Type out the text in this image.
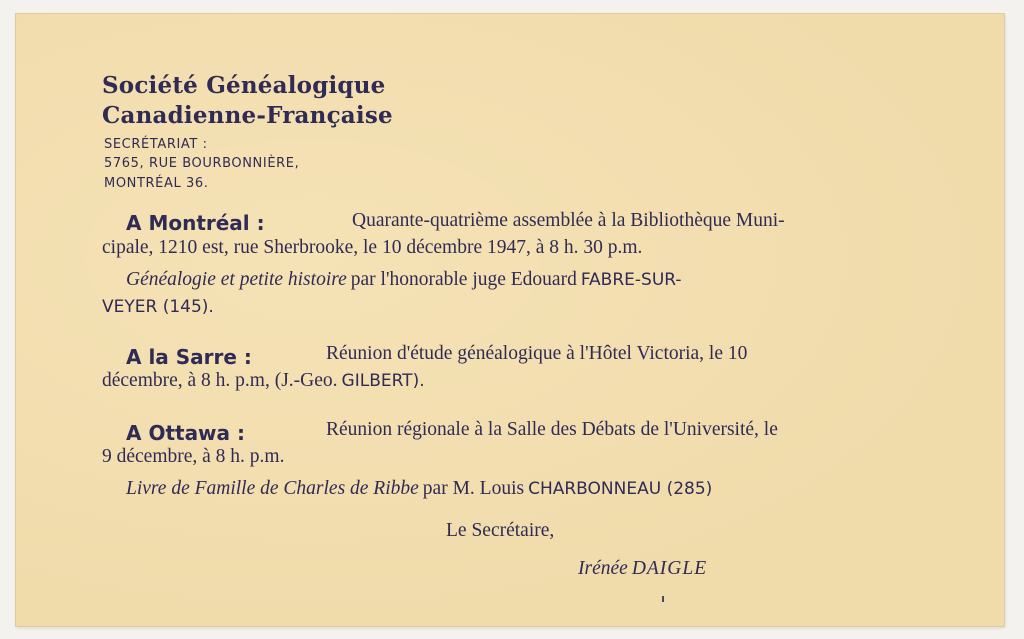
Société Généalogique
Canadienne-Française
SECRÉTARIAT :
5765, RUE BOURBONNIÈRE,
MONTRÉAL 36.
A Montréal :	Quarante-quatrième assemblée à la Bibliothèque Muni-
cipale, 1210 est, rue Sherbrooke, le 10 décembre 1947, à 8 h. 30 p.m.
Généalogie et petite histoire par l'honorable juge Edouard FABRE-SUR-
VEYER (145).
A la Sarre :	Réunion d'étude généalogique à l'Hôtel Victoria, le 10
décembre, à 8 h. p.m, (J.-Geo. GILBERT).
A Ottawa :	Réunion régionale à la Salle des Débats de l'Université, le
9 décembre, à 8 h. p.m.
Livre de Famille de Charles de Ribbe par M. Louis CHARBONNEAU (285)
Le Secrétaire,
Irénée DAIGLE
